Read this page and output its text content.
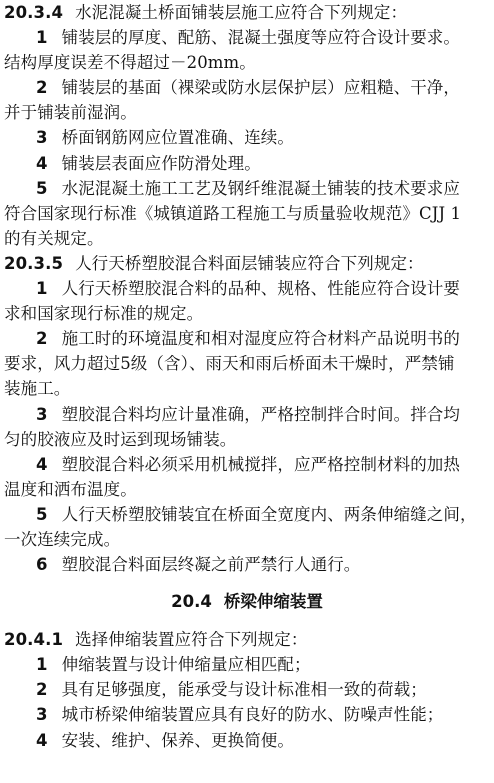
20.3.4 水泥混凝土桥面铺装层施工应符合下列规定：
1 铺装层的厚度、配筋、混凝土强度等应符合设计要求。
结构厚度误差不得超过－20mm。
2 铺装层的基面（裸梁或防水层保护层）应粗糙、干净，
并于铺装前湿润。
3 桥面钢筋网应位置准确、连续。
4 铺装层表面应作防滑处理。
5 水泥混凝土施工工艺及钢纤维混凝土铺装的技术要求应
符合国家现行标准《城镇道路工程施工与质量验收规范》CJJ 1
的有关规定。
20.3.5 人行天桥塑胶混合料面层铺装应符合下列规定：
1 人行天桥塑胶混合料的品种、规格、性能应符合设计要
求和国家现行标准的规定。
2 施工时的环境温度和相对湿度应符合材料产品说明书的
要求，风力超过5级（含）、雨天和雨后桥面未干燥时，严禁铺
装施工。
3 塑胶混合料均应计量准确，严格控制拌合时间。拌合均
匀的胶液应及时运到现场铺装。
4 塑胶混合料必须采用机械搅拌，应严格控制材料的加热
温度和洒布温度。
5 人行天桥塑胶铺装宜在桥面全宽度内、两条伸缩缝之间，
一次连续完成。
6 塑胶混合料面层终凝之前严禁行人通行。
20.4 桥梁伸缩装置
20.4.1 选择伸缩装置应符合下列规定：
1 伸缩装置与设计伸缩量应相匹配；
2 具有足够强度，能承受与设计标准相一致的荷载；
3 城市桥梁伸缩装置应具有良好的防水、防噪声性能；
4 安装、维护、保养、更换简便。
